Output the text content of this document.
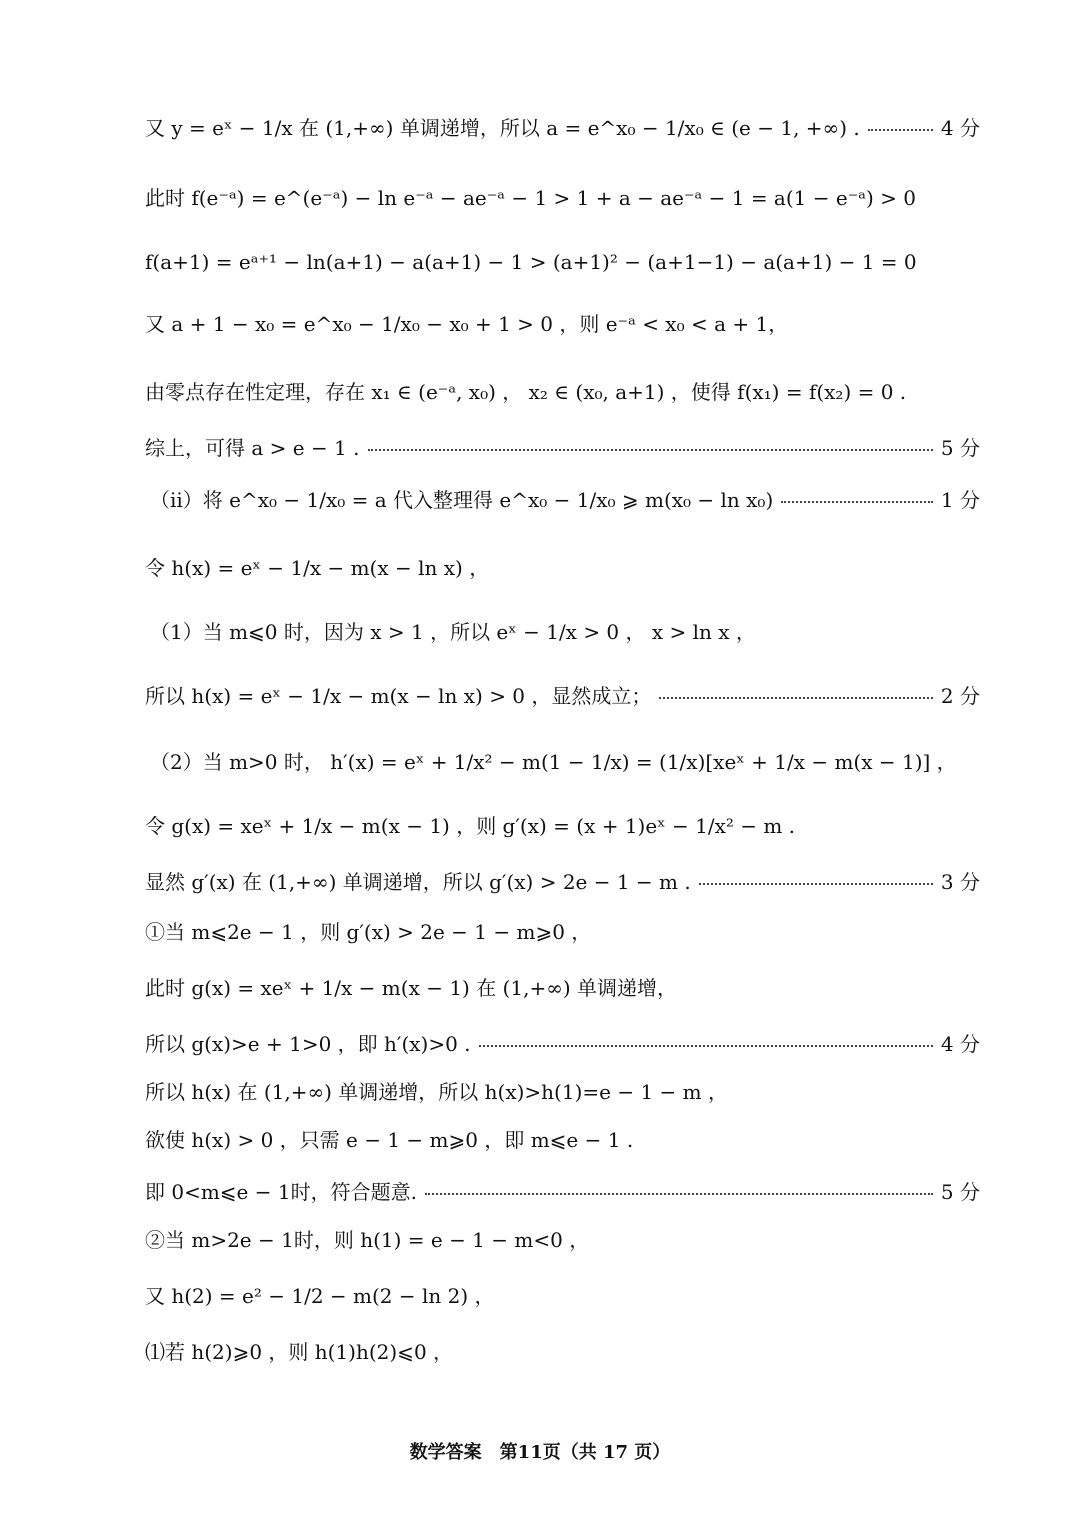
又 y = eˣ − 1/x 在 (1,+∞) 单调递增，所以 a = e^x₀ − 1/x₀ ∈ (e − 1, +∞) .	4 分
此时 f(e⁻ᵃ) = e^(e⁻ᵃ) − ln e⁻ᵃ − ae⁻ᵃ − 1 > 1 + a − ae⁻ᵃ − 1 = a(1 − e⁻ᵃ) > 0
f(a+1) = eᵃ⁺¹ − ln(a+1) − a(a+1) − 1 > (a+1)² − (a+1−1) − a(a+1) − 1 = 0
又 a + 1 − x₀ = e^x₀ − 1/x₀ − x₀ + 1 > 0 ，则 e⁻ᵃ < x₀ < a + 1，
由零点存在性定理，存在 x₁ ∈ (e⁻ᵃ, x₀) ， x₂ ∈ (x₀, a+1) ，使得 f(x₁) = f(x₂) = 0 .
综上，可得 a > e − 1 .	5 分
（ii）将 e^x₀ − 1/x₀ = a 代入整理得 e^x₀ − 1/x₀ ⩾ m(x₀ − ln x₀)	1 分
令 h(x) = eˣ − 1/x − m(x − ln x) ，
（1）当 m⩽0 时，因为 x > 1 ，所以 eˣ − 1/x > 0 ， x > ln x ，
所以 h(x) = eˣ − 1/x − m(x − ln x) > 0 ，显然成立；	2 分
（2）当 m>0 时， h′(x) = eˣ + 1/x² − m(1 − 1/x) = (1/x)[xeˣ + 1/x − m(x − 1)] ，
令 g(x) = xeˣ + 1/x − m(x − 1) ，则 g′(x) = (x + 1)eˣ − 1/x² − m .
显然 g′(x) 在 (1,+∞) 单调递增，所以 g′(x) > 2e − 1 − m .	3 分
①当 m⩽2e − 1 ，则 g′(x) > 2e − 1 − m⩾0 ，
此时 g(x) = xeˣ + 1/x − m(x − 1) 在 (1,+∞) 单调递增，
所以 g(x)>e + 1>0 ，即 h′(x)>0 .	4 分
所以 h(x) 在 (1,+∞) 单调递增，所以 h(x)>h(1)=e − 1 − m ，
欲使 h(x) > 0 ，只需 e − 1 − m⩾0 ，即 m⩽e − 1 .
即 0<m⩽e − 1时，符合题意.	5 分
②当 m>2e − 1时，则 h(1) = e − 1 − m<0 ，
又 h(2) = e² − 1/2 − m(2 − ln 2) ，
⑴若 h(2)⩾0 ，则 h(1)h(2)⩽0 ，
数学答案　第11页（共 17 页）
